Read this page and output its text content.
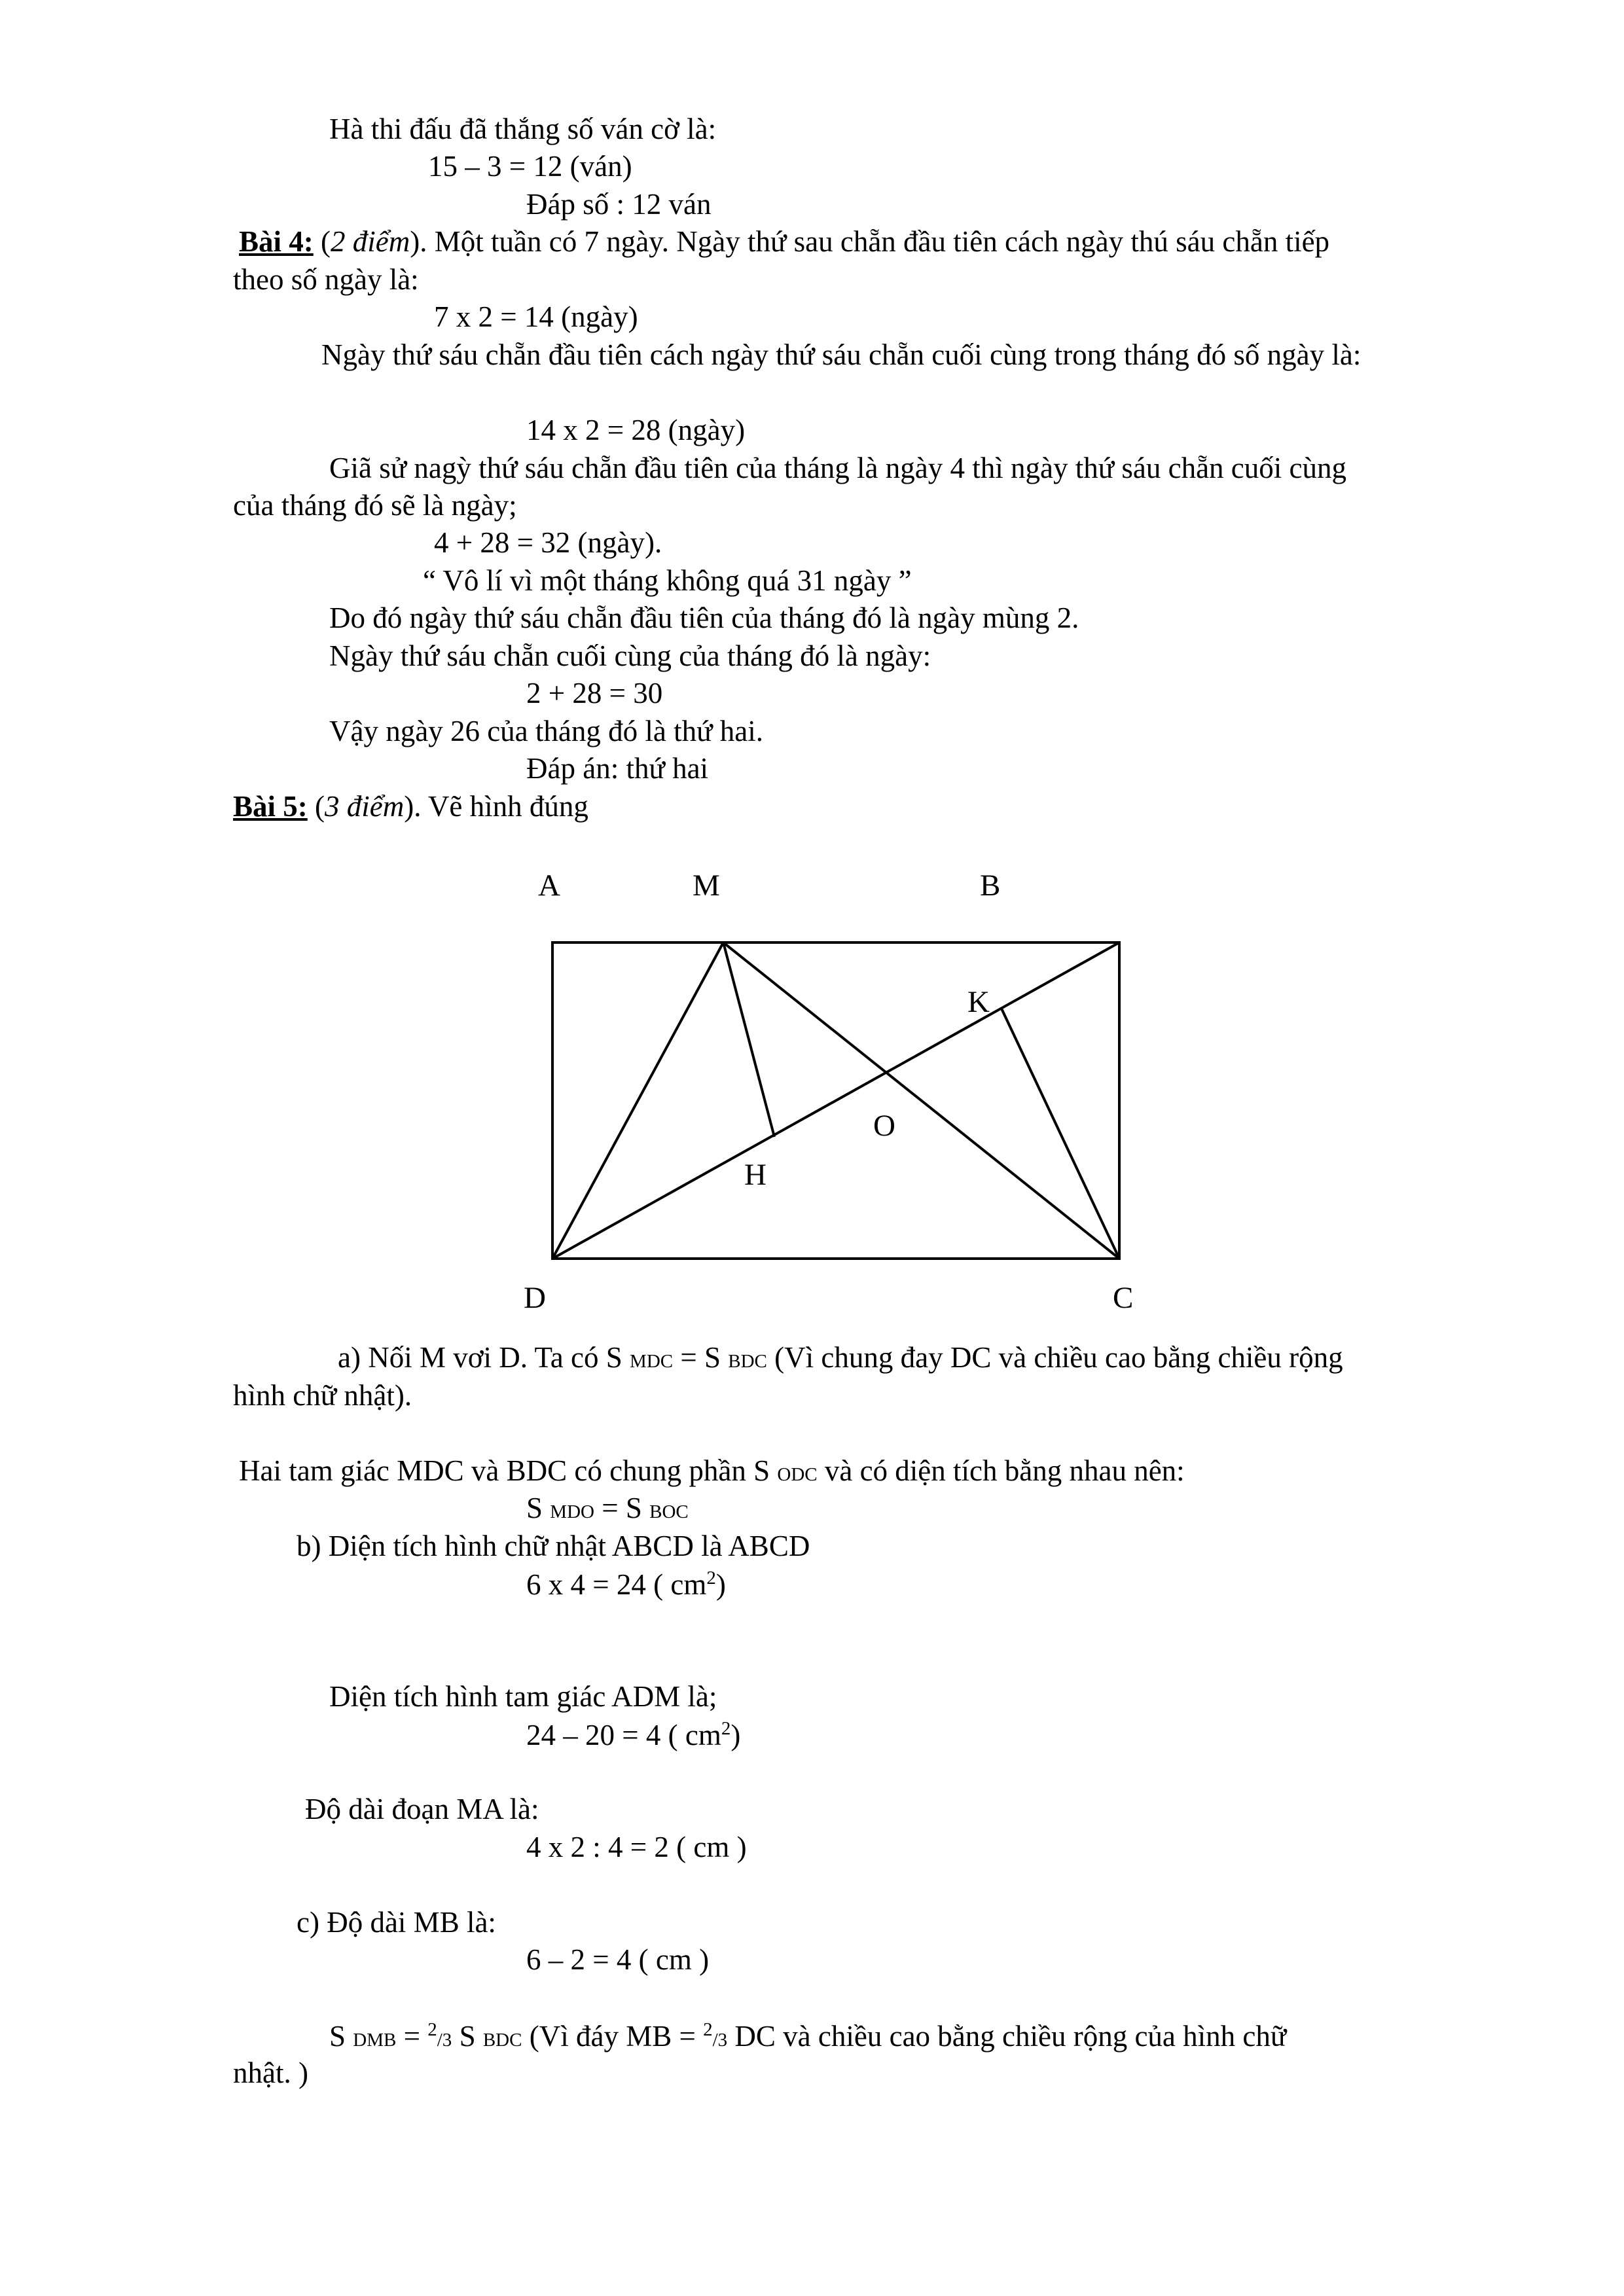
Hà thi đấu đã thắng số ván cờ là:
15 – 3 = 12 (ván)
Đáp số : 12 ván
Bài 4: (2 điểm). Một tuần có 7 ngày. Ngày thứ sau chẵn đầu tiên cách ngày thú sáu chẵn tiếp
theo số ngày là:
7 x 2 = 14 (ngày)
Ngày thứ sáu chẵn đầu tiên cách ngày thứ sáu chẵn cuối cùng trong tháng đó số ngày là:
14 x 2 = 28 (ngày)
Giã sử nagỳ thứ sáu chẵn đầu tiên của tháng là ngày 4 thì ngày thứ sáu chẵn cuối cùng
của tháng đó sẽ là ngày;
4 + 28 = 32 (ngày).
“ Vô lí vì một tháng không quá 31 ngày ”
Do đó ngày thứ sáu chẵn đầu tiên của tháng đó là ngày mùng 2.
Ngày thứ sáu chẵn cuối cùng của tháng đó là ngày:
2 + 28 = 30
Vậy ngày 26 của tháng đó là thứ hai.
Đáp án: thứ hai
Bài 5: (3 điểm). Vẽ hình đúng
A	M	B
K
O
H
D	C
a) Nối M vơi D. Ta có S MDC = S BDC (Vì chung đay DC và chiều cao bằng chiều rộng
hình chữ nhật).
Hai tam giác MDC và BDC có chung phần S ODC và có diện tích bằng nhau nên:
S MDO = S BOC
b) Diện tích hình chữ nhật ABCD là ABCD
6 x 4 = 24 ( $cm^2$)
Diện tích hình tam giác ADM là;
24 – 20 = 4 ( $cm^2$)
Độ dài đoạn MA là:
4 x 2 : 4 = 2 ( cm )
c) Độ dài MB là:
6 – 2 = 4 ( cm )
S DMB = $^2$/3 S BDC (Vì đáy MB = $^2$/3 DC và chiều cao bằng chiều rộng của hình chữ
nhật. )
